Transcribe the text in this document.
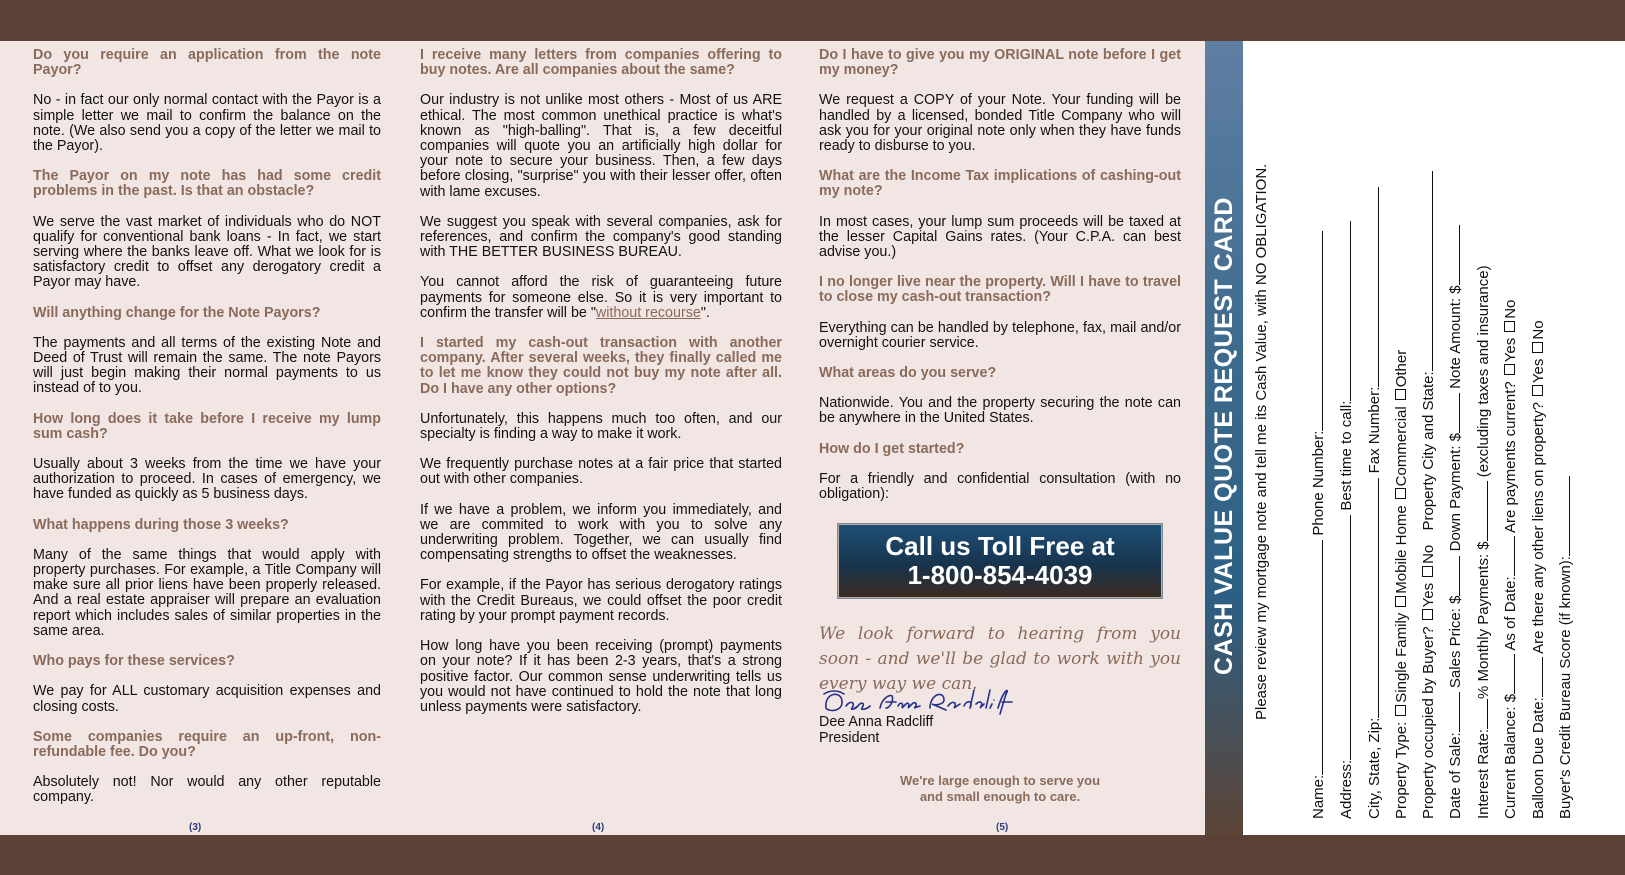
Do you require an application from the note Payor?

No - in fact our only normal contact with the Payor is a simple letter we mail to confirm the balance on the note. (We also send you a copy of the letter we mail to the Payor).

The Payor on my note has had some credit problems in the past. Is that an obstacle?

We serve the vast market of individuals who do NOT qualify for conventional bank loans - In fact, we start serving where the banks leave off. What we look for is satisfactory credit to offset any derogatory credit a Payor may have.

Will anything change for the Note Payors?

The payments and all terms of the existing Note and Deed of Trust will remain the same. The note Payors will just begin making their normal payments to us instead of to you.

How long does it take before I receive my lump sum cash?

Usually about 3 weeks from the time we have your authorization to proceed. In cases of emergency, we have funded as quickly as 5 business days.

What happens during those 3 weeks?

Many of the same things that would apply with property purchases. For example, a Title Company will make sure all prior liens have been properly released. And a real estate appraiser will prepare an evaluation report which includes sales of similar properties in the same area.

Who pays for these services?

We pay for ALL customary acquisition expenses and closing costs.

Some companies require an up-front, non-refundable fee. Do you?

Absolutely not! Nor would any other reputable company.

I receive many letters from companies offering to buy notes. Are all companies about the same?

Our industry is not unlike most others - Most of us ARE ethical. The most common unethical practice is what's known as "high-balling". That is, a few deceitful companies will quote you an artificially high dollar for your note to secure your business. Then, a few days before closing, "surprise" you with their lesser offer, often with lame excuses.

We suggest you speak with several companies, ask for references, and confirm the company's good standing with THE BETTER BUSINESS BUREAU.

You cannot afford the risk of guaranteeing future payments for someone else. So it is very important to confirm the transfer will be "without recourse".

I started my cash-out transaction with another company. After several weeks, they finally called me to let me know they could not buy my note after all. Do I have any other options?

Unfortunately, this happens much too often, and our specialty is finding a way to make it work.

We frequently purchase notes at a fair price that started out with other companies.

If we have a problem, we inform you immediately, and we are commited to work with you to solve any underwriting problem. Together, we can usually find compensating strengths to offset the weaknesses.

For example, if the Payor has serious derogatory ratings with the Credit Bureaus, we could offset the poor credit rating by your prompt payment records.

How long have you been receiving (prompt) payments on your note? If it has been 2-3 years, that's a strong positive factor. Our common sense underwriting tells us you would not have continued to hold the note that long unless payments were satisfactory.

Do I have to give you my ORIGINAL note before I get my money?

We request a COPY of your Note. Your funding will be handled by a licensed, bonded Title Company who will ask you for your original note only when they have funds ready to disburse to you.

What are the Income Tax implications of cashing-out my note?

In most cases, your lump sum proceeds will be taxed at the lesser Capital Gains rates. (Your C.P.A. can best advise you.)

I no longer live near the property. Will I have to travel to close my cash-out transaction?

Everything can be handled by telephone, fax, mail and/or overnight courier service.

What areas do you serve?

Nationwide. You and the property securing the note can be anywhere in the United States.

How do I get started?

For a friendly and confidential consultation (with no obligation):

Call us Toll Free at
1-800-854-4039
We look forward to hearing from you soon - and we'll be glad to work with you every way we can.
Dee Anna Radcliff
President
We're large enough to serve you
and small enough to care.
(3)	(4)	(5)
CASH VALUE QUOTE REQUEST CARD Please review my mortgage note and tell me its Cash Value, with NO OBLIGATION.
Name: Phone Number:
Address: Best time to call:
City, State, Zip: Fax Number:
Property Type:Single FamilyMobile HomeCommercialOther
Property occupied by Buyer?YesNo Property City and State:
Date of Sale: Sales Price: $ Down Payment: $ Note Amount: $
Interest Rate:% Monthly Payments: $ (excluding taxes and insurance)
Current Balance: $ As of Date: Are payments current?YesNo
Balloon Due Date: Are there any other liens on property?YesNo
Buyer's Credit Bureau Score (if known):
